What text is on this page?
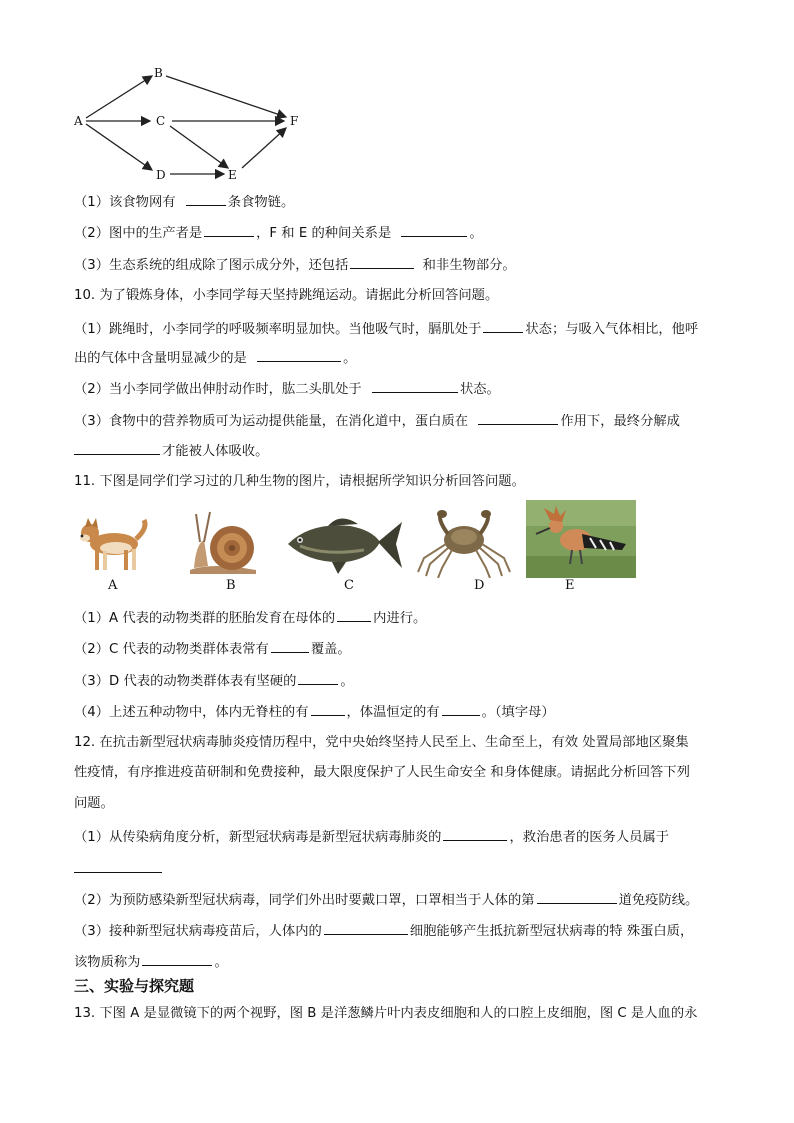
A
B
C
D	E
F
（1）该食物网有	条食物链。
（2）图中的生产者是	，F 和 E 的种间关系是	。
（3）生态系统的组成除了图示成分外，还包括	和非生物部分。
10. 为了锻炼身体，小李同学每天坚持跳绳运动。请据此分析回答问题。
（1）跳绳时，小李同学的呼吸频率明显加快。当他吸气时，膈肌处于	状态；与吸入气体相比，他呼
出的气体中含量明显减少的是	。
（2）当小李同学做出伸肘动作时，肱二头肌处于	状态。
（3）食物中的营养物质可为运动提供能量，在消化道中，蛋白质在	作用下，最终分解成
才能被人体吸收。
11. 下图是同学们学习过的几种生物的图片，请根据所学知识分析回答问题。
A	B	C	D	E
（1）A 代表的动物类群的胚胎发育在母体的	内进行。
（2）C 代表的动物类群体表常有	覆盖。
（3）D 代表的动物类群体表有坚硬的	。
（4）上述五种动物中，体内无脊柱的有	，体温恒定的有	。（填字母）
12. 在抗击新型冠状病毒肺炎疫情历程中，党中央始终坚持人民至上、生命至上，有效 处置局部地区聚集
性疫情，有序推进疫苗研制和免费接种，最大限度保护了人民生命安全 和身体健康。请据此分析回答下列
问题。
（1）从传染病角度分析，新型冠状病毒是新型冠状病毒肺炎的	，救治患者的医务人员属于
（2）为预防感染新型冠状病毒，同学们外出时要戴口罩，口罩相当于人体的第	道免疫防线。
（3）接种新型冠状病毒疫苗后，人体内的	细胞能够产生抵抗新型冠状病毒的特 殊蛋白质，
该物质称为	。
三、实验与探究题
13. 下图 A 是显微镜下的两个视野，图 B 是洋葱鳞片叶内表皮细胞和人的口腔上皮细胞，图 C 是人血的永
